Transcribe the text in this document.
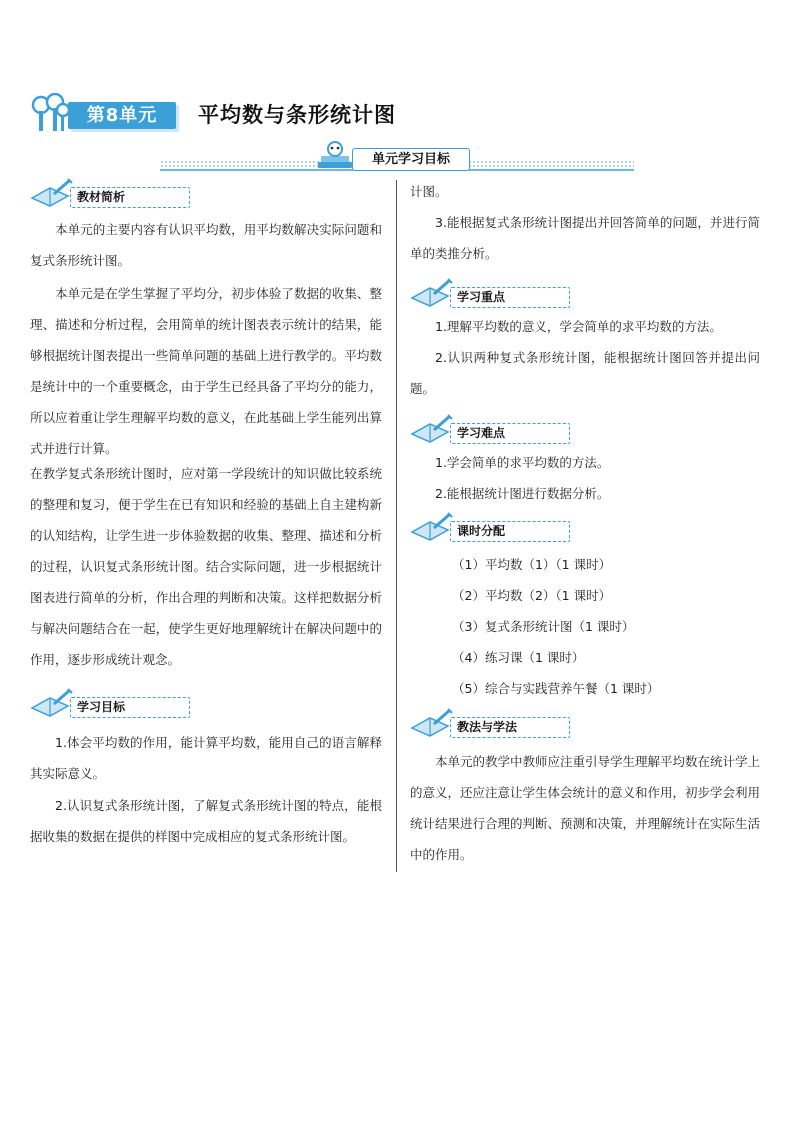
第8单元	平均数与条形统计图
单元学习目标
教材简析

本单元的主要内容有认识平均数，用平均数解决实际问题和复式条形统计图。

本单元是在学生掌握了平均分，初步体验了数据的收集、整理、描述和分析过程，会用简单的统计图表表示统计的结果，能够根据统计图表提出一些简单问题的基础上进行教学的。平均数是统计中的一个重要概念，由于学生已经具备了平均分的能力，所以应着重让学生理解平均数的意义，在此基础上学生能列出算式并进行计算。

在教学复式条形统计图时，应对第一学段统计的知识做比较系统的整理和复习，便于学生在已有知识和经验的基础上自主建构新的认知结构，让学生进一步体验数据的收集、整理、描述和分析的过程，认识复式条形统计图。结合实际问题，进一步根据统计图表进行简单的分析，作出合理的判断和决策。这样把数据分析与解决问题结合在一起，使学生更好地理解统计在解决问题中的作用，逐步形成统计观念。

学习目标

1.体会平均数的作用，能计算平均数，能用自己的语言解释其实际意义。

2.认识复式条形统计图，了解复式条形统计图的特点，能根据收集的数据在提供的样图中完成相应的复式条形统计图。

计图。

3.能根据复式条形统计图提出并回答简单的问题，并进行简单的类推分析。

学习重点

1.理解平均数的意义，学会简单的求平均数的方法。

2.认识两种复式条形统计图，能根据统计图回答并提出问题。

学习难点

1.学会简单的求平均数的方法。

2.能根据统计图进行数据分析。

课时分配
（1）平均数（1）（1 课时）
（2）平均数（2）（1 课时）
（3）复式条形统计图（1 课时）
（4）练习课（1 课时）
（5）综合与实践营养午餐（1 课时）
教法与学法

本单元的教学中教师应注重引导学生理解平均数在统计学上的意义，还应注意让学生体会统计的意义和作用，初步学会利用统计结果进行合理的判断、预测和决策，并理解统计在实际生活中的作用。
